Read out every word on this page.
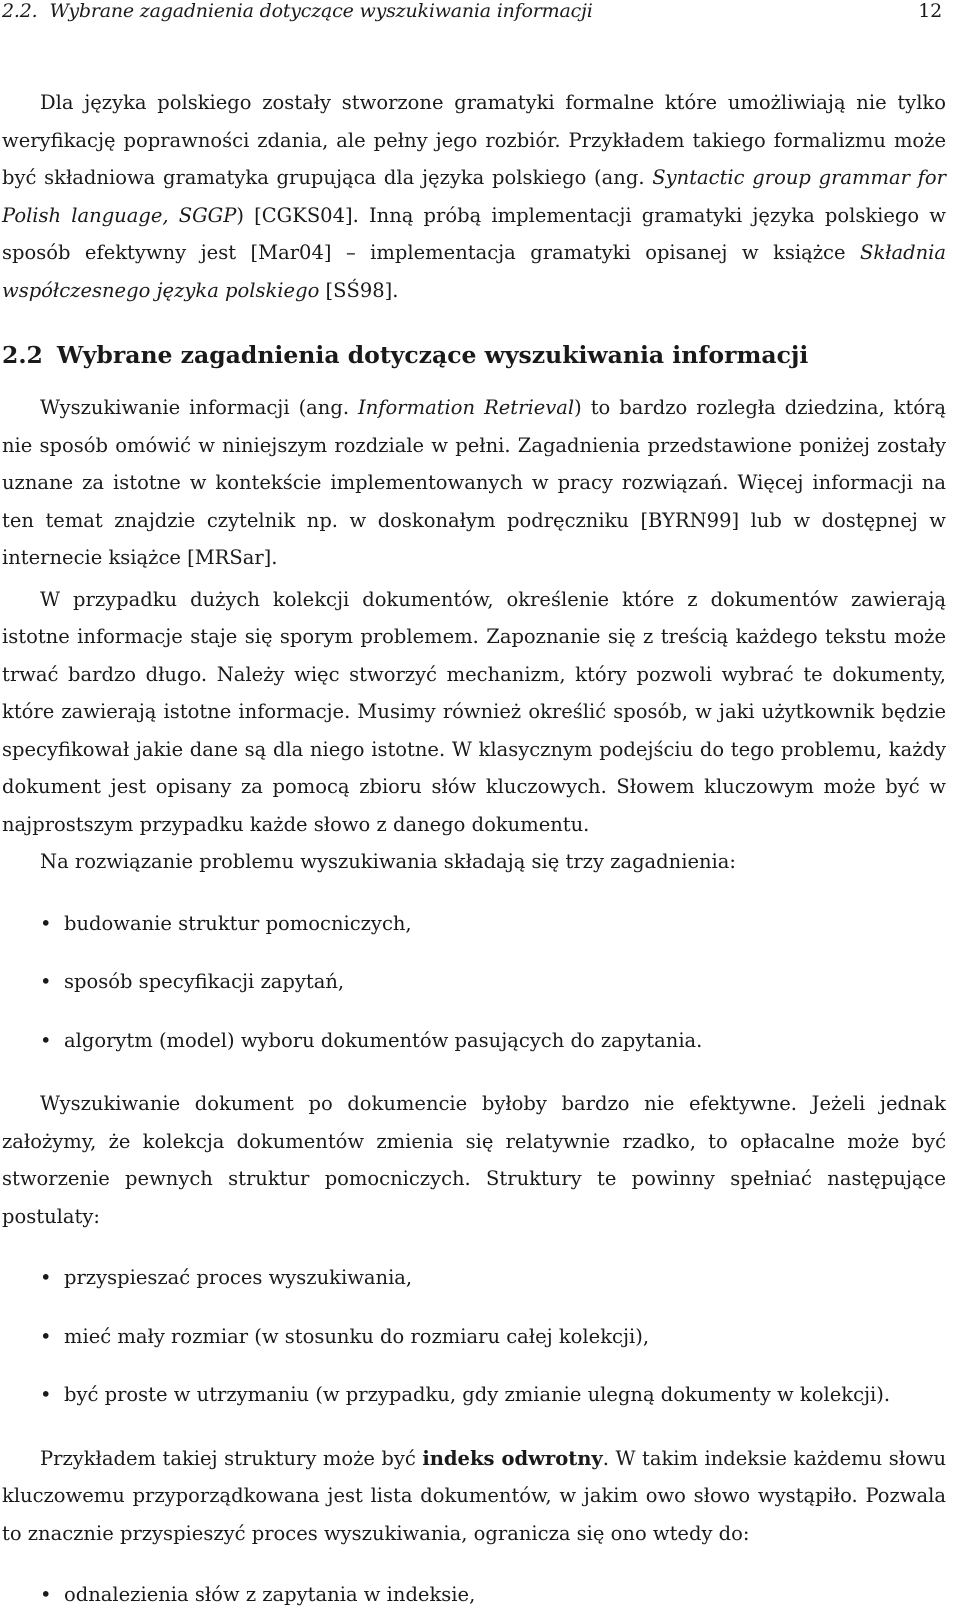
2.2. Wybrane zagadnienia dotyczące wyszukiwania informacji	12

Dla języka polskiego zostały stworzone gramatyki formalne które umożliwiają nie tylko weryfikację poprawności zdania, ale pełny jego rozbiór. Przykładem takiego formalizmu może być składniowa gramatyka grupująca dla języka polskiego (ang. Syntactic group grammar for Polish language, SGGP) [CGKS04]. Inną próbą implementacji gramatyki języka polskiego w sposób efektywny jest [Mar04] – implementacja gramatyki opisanej w książce Składnia współczesnego języka polskiego [SŚ98].

2.2 Wybrane zagadnienia dotyczące wyszukiwania informacji

Wyszukiwanie informacji (ang. Information Retrieval) to bardzo rozległa dziedzina, którą nie sposób omówić w niniejszym rozdziale w pełni. Zagadnienia przedstawione poniżej zostały uznane za istotne w kontekście implementowanych w pracy rozwiązań. Więcej informacji na ten temat znajdzie czytelnik np. w doskonałym podręczniku [BYRN99] lub w dostępnej w internecie książce [MRSar].

W przypadku dużych kolekcji dokumentów, określenie które z dokumentów zawierają istotne informacje staje się sporym problemem. Zapoznanie się z treścią każdego tekstu może trwać bardzo długo. Należy więc stworzyć mechanizm, który pozwoli wybrać te dokumenty, które zawierają istotne informacje. Musimy również określić sposób, w jaki użytkownik będzie specyfikował jakie dane są dla niego istotne. W klasycznym podejściu do tego problemu, każdy dokument jest opisany za pomocą zbioru słów kluczowych. Słowem kluczowym może być w najprostszym przypadku każde słowo z danego dokumentu.

Na rozwiązanie problemu wyszukiwania składają się trzy zagadnienia:

• budowanie struktur pomocniczych,
• sposób specyfikacji zapytań,
• algorytm (model) wyboru dokumentów pasujących do zapytania.

Wyszukiwanie dokument po dokumencie byłoby bardzo nie efektywne. Jeżeli jednak założymy, że kolekcja dokumentów zmienia się relatywnie rzadko, to opłacalne może być stworzenie pewnych struktur pomocniczych. Struktury te powinny spełniać następujące postulaty:

• przyspieszać proces wyszukiwania,
• mieć mały rozmiar (w stosunku do rozmiaru całej kolekcji),
• być proste w utrzymaniu (w przypadku, gdy zmianie ulegną dokumenty w kolekcji).

Przykładem takiej struktury może być indeks odwrotny. W takim indeksie każdemu słowu kluczowemu przyporządkowana jest lista dokumentów, w jakim owo słowo wystąpiło. Pozwala to znacznie przyspieszyć proces wyszukiwania, ogranicza się ono wtedy do:

• odnalezienia słów z zapytania w indeksie,
